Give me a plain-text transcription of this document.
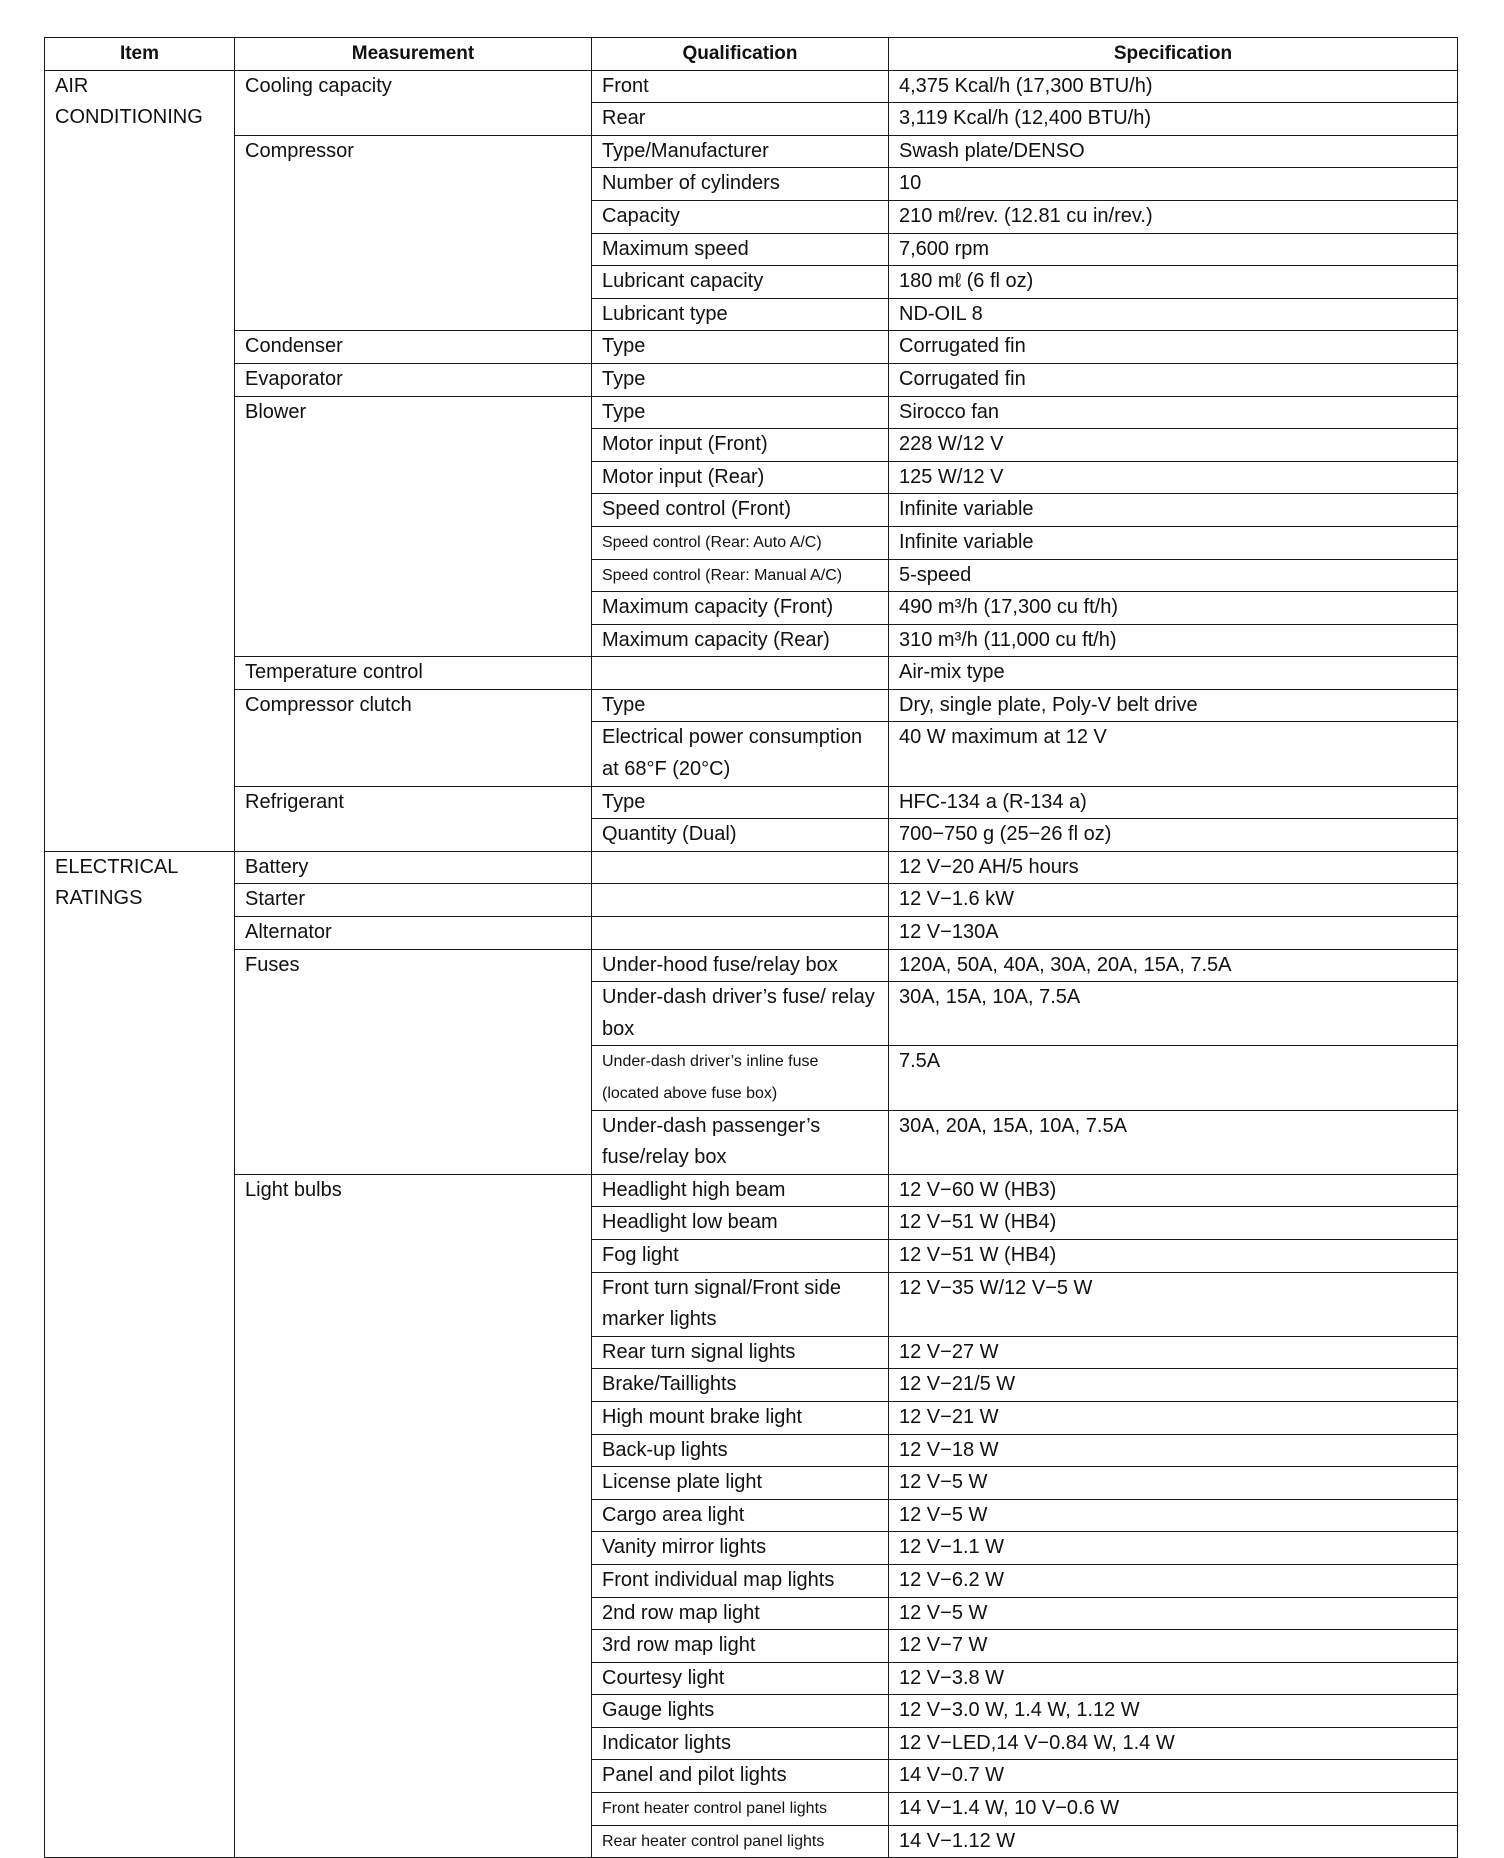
Item	Measurement	Qualification	Specification
AIR CONDITIONING	Cooling capacity	Front	4,375 Kcal/h (17,300 BTU/h)
		Rear	3,119 Kcal/h (12,400 BTU/h)
	Compressor	Type/Manufacturer	Swash plate/DENSO
		Number of cylinders	10
		Capacity	210 mℓ/rev. (12.81 cu in/rev.)
		Maximum speed	7,600 rpm
		Lubricant capacity	180 mℓ (6 fl oz)
		Lubricant type	ND-OIL 8
	Condenser	Type	Corrugated fin
	Evaporator	Type	Corrugated fin
	Blower	Type	Sirocco fan
		Motor input (Front)	228 W/12 V
		Motor input (Rear)	125 W/12 V
		Speed control (Front)	Infinite variable
		Speed control (Rear: Auto A/C)	Infinite variable
		Speed control (Rear: Manual A/C)	5-speed
		Maximum capacity (Front)	490 m³/h (17,300 cu ft/h)
		Maximum capacity (Rear)	310 m³/h (11,000 cu ft/h)
	Temperature control		Air-mix type
	Compressor clutch	Type	Dry, single plate, Poly-V belt drive
		Electrical power consumption at 68°F (20°C)	40 W maximum at 12 V
	Refrigerant	Type	HFC-134 a (R-134 a)
		Quantity (Dual)	700−750 g (25−26 fl oz)
ELECTRICAL RATINGS	Battery		12 V−20 AH/5 hours
	Starter		12 V−1.6 kW
	Alternator		12 V−130A
	Fuses	Under-hood fuse/relay box	120A, 50A, 40A, 30A, 20A, 15A, 7.5A
		Under-dash driver’s fuse/ relay box	30A, 15A, 10A, 7.5A
		Under-dash driver’s inline fuse (located above fuse box)	7.5A
		Under-dash passenger’s fuse/relay box	30A, 20A, 15A, 10A, 7.5A
	Light bulbs	Headlight high beam	12 V−60 W (HB3)
		Headlight low beam	12 V−51 W (HB4)
		Fog light	12 V−51 W (HB4)
		Front turn signal/Front side marker lights	12 V−35 W/12 V−5 W
		Rear turn signal lights	12 V−27 W
		Brake/Taillights	12 V−21/5 W
		High mount brake light	12 V−21 W
		Back-up lights	12 V−18 W
		License plate light	12 V−5 W
		Cargo area light	12 V−5 W
		Vanity mirror lights	12 V−1.1 W
		Front individual map lights	12 V−6.2 W
		2nd row map light	12 V−5 W
		3rd row map light	12 V−7 W
		Courtesy light	12 V−3.8 W
		Gauge lights	12 V−3.0 W, 1.4 W, 1.12 W
		Indicator lights	12 V−LED,14 V−0.84 W, 1.4 W
		Panel and pilot lights	14 V−0.7 W
		Front heater control panel lights	14 V−1.4 W, 10 V−0.6 W
		Rear heater control panel lights	14 V−1.12 W
